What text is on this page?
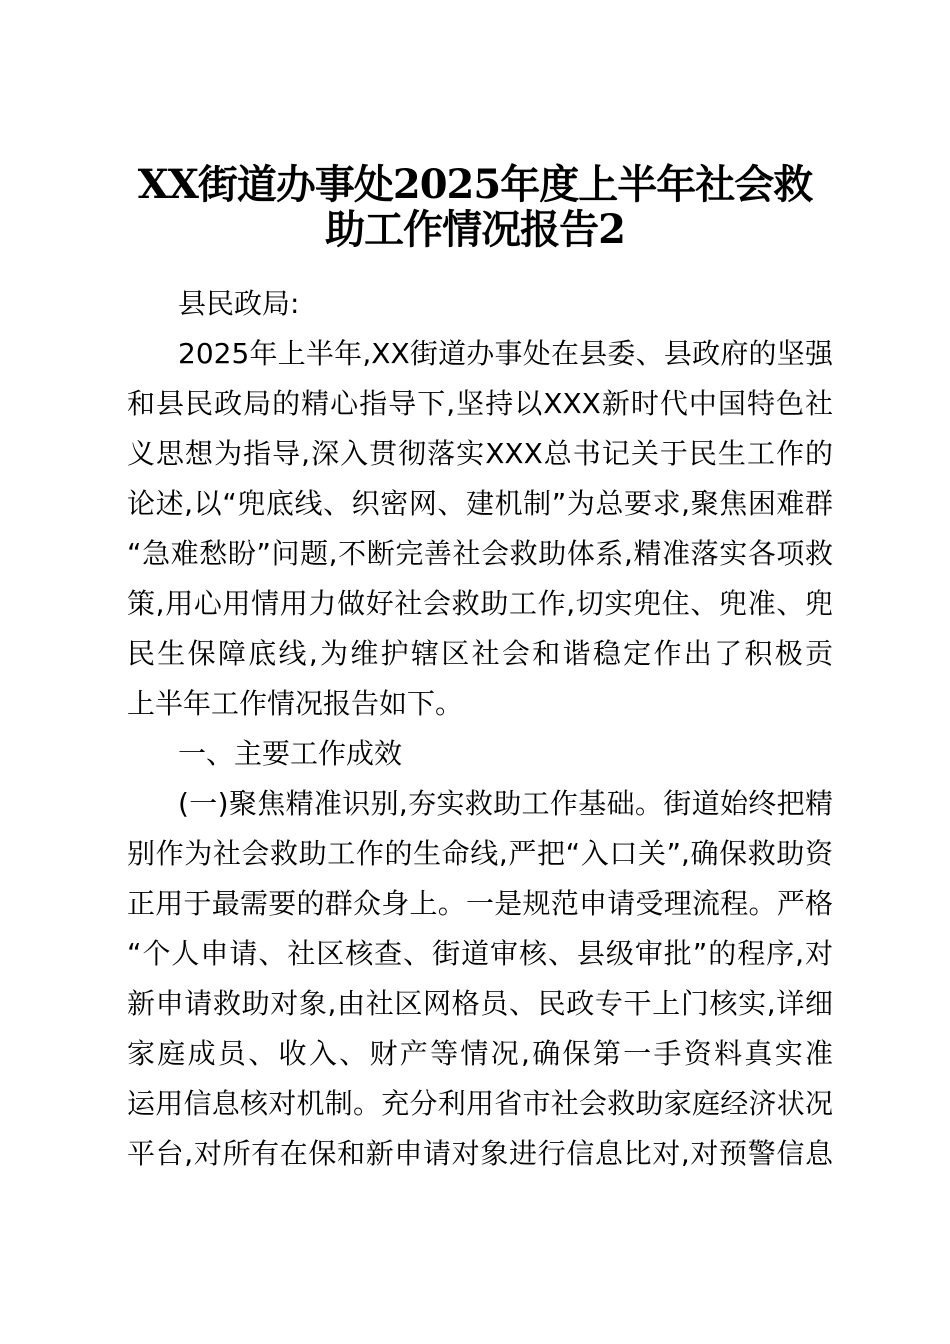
XX街道办事处2025年度上半年社会救
助工作情况报告2
县民政局:
2025年上半年,XX街道办事处在县委、县政府的坚强
和县民政局的精心指导下,坚持以XXX新时代中国特色社
义思想为指导,深入贯彻落实XXX总书记关于民生工作的
论述,以“兜底线、织密网、建机制”为总要求,聚焦困难群
“急难愁盼”问题,不断完善社会救助体系,精准落实各项救
策,用心用情用力做好社会救助工作,切实兜住、兜准、兜
民生保障底线,为维护辖区社会和谐稳定作出了积极贡
上半年工作情况报告如下。
一、主要工作成效
(一)聚焦精准识别,夯实救助工作基础。街道始终把精
别作为社会救助工作的生命线,严把“入口关”,确保救助资
正用于最需要的群众身上。一是规范申请受理流程。严格
“个人申请、社区核查、街道审核、县级审批”的程序,对
新申请救助对象,由社区网格员、民政专干上门核实,详细
家庭成员、收入、财产等情况,确保第一手资料真实准
运用信息核对机制。充分利用省市社会救助家庭经济状况
平台,对所有在保和新申请对象进行信息比对,对预警信息
